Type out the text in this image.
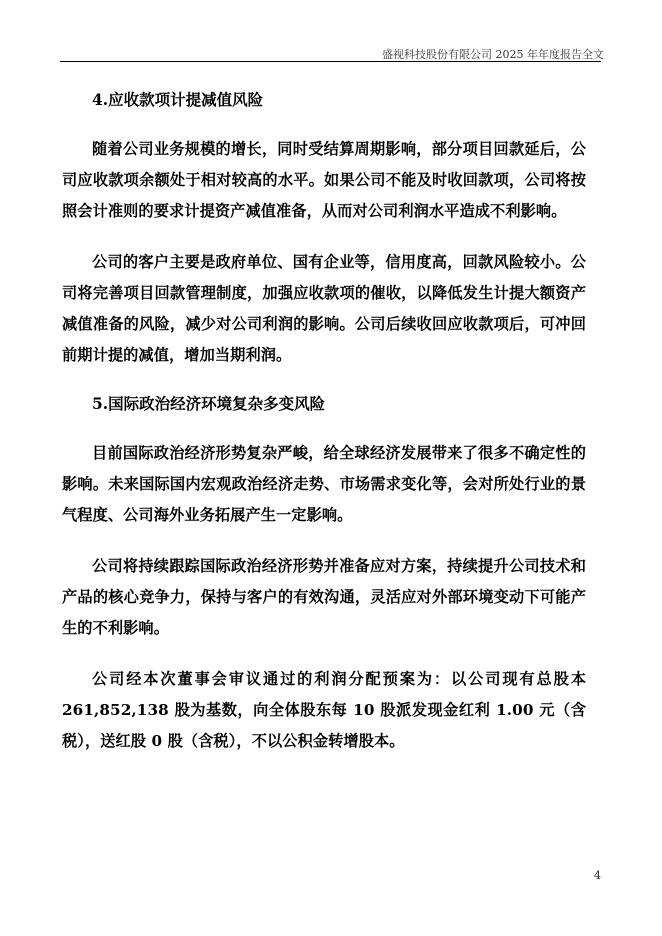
盛视科技股份有限公司 2025 年年度报告全文
4.应收款项计提减值风险

随着公司业务规模的增长，同时受结算周期影响，部分项目回款延后，公司应收款项余额处于相对较高的水平。如果公司不能及时收回款项，公司将按照会计准则的要求计提资产减值准备，从而对公司利润水平造成不利影响。

公司的客户主要是政府单位、国有企业等，信用度高，回款风险较小。公司将完善项目回款管理制度，加强应收款项的催收，以降低发生计提大额资产减值准备的风险，减少对公司利润的影响。公司后续收回应收款项后，可冲回前期计提的减值，增加当期利润。

5.国际政治经济环境复杂多变风险

目前国际政治经济形势复杂严峻，给全球经济发展带来了很多不确定性的影响。未来国际国内宏观政治经济走势、市场需求变化等，会对所处行业的景气程度、公司海外业务拓展产生一定影响。

公司将持续跟踪国际政治经济形势并准备应对方案，持续提升公司技术和产品的核心竞争力，保持与客户的有效沟通，灵活应对外部环境变动下可能产生的不利影响。

公司经本次董事会审议通过的利润分配预案为：以公司现有总股本 261,852,138 股为基数，向全体股东每 10 股派发现金红利 1.00 元（含税），送红股 0 股（含税），不以公积金转增股本。

4
